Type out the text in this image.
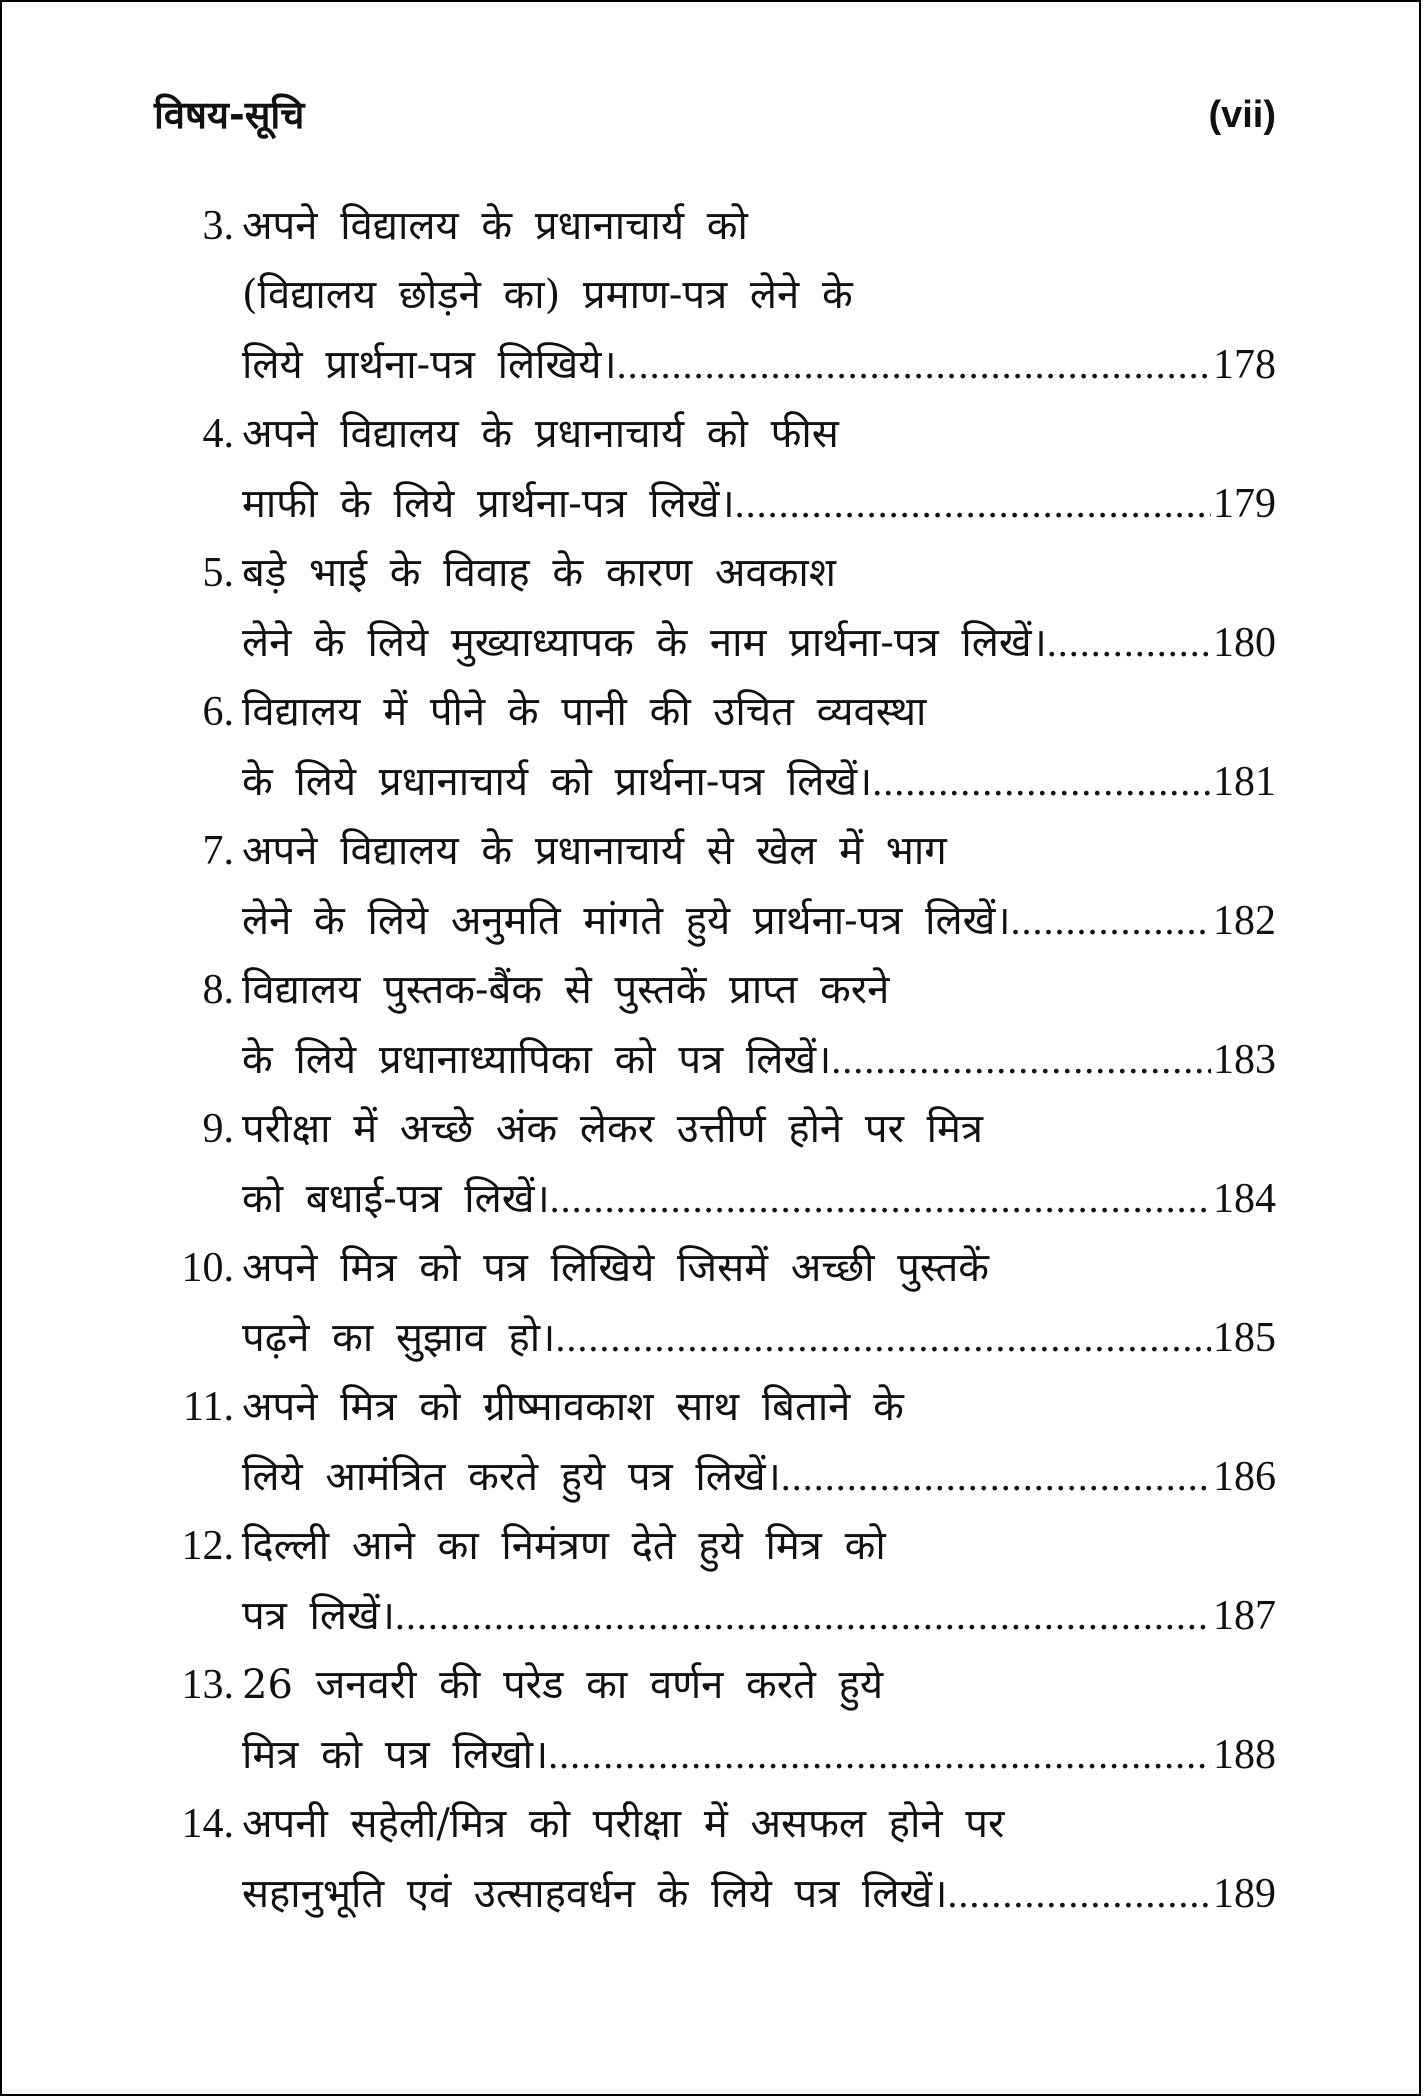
विषय-सूचि	(vii)
3. अपने विद्यालय के प्रधानाचार्य को
(विद्यालय छोड़ने का) प्रमाण-पत्र लेने के
लिये प्रार्थना-पत्र लिखिये। .....	178
4. अपने विद्यालय के प्रधानाचार्य को फीस
माफी के लिये प्रार्थना-पत्र लिखें। .....	179
5. बड़े भाई के विवाह के कारण अवकाश
लेने के लिये मुख्याध्यापक के नाम प्रार्थना-पत्र लिखें। .....	180
6. विद्यालय में पीने के पानी की उचित व्यवस्था
के लिये प्रधानाचार्य को प्रार्थना-पत्र लिखें। .....	181
7. अपने विद्यालय के प्रधानाचार्य से खेल में भाग
लेने के लिये अनुमति मांगते हुये प्रार्थना-पत्र लिखें। .....	182
8. विद्यालय पुस्तक-बैंक से पुस्तकें प्राप्त करने
के लिये प्रधानाध्यापिका को पत्र लिखें। .....	183
9. परीक्षा में अच्छे अंक लेकर उत्तीर्ण होने पर मित्र
को बधाई-पत्र लिखें। .....	184
10. अपने मित्र को पत्र लिखिये जिसमें अच्छी पुस्तकें
पढ़ने का सुझाव हो। .....	185
11. अपने मित्र को ग्रीष्मावकाश साथ बिताने के
लिये आमंत्रित करते हुये पत्र लिखें। .....	186
12. दिल्ली आने का निमंत्रण देते हुये मित्र को
पत्र लिखें। .....	187
13. 26 जनवरी की परेड का वर्णन करते हुये
मित्र को पत्र लिखो। .....	188
14. अपनी सहेली/मित्र को परीक्षा में असफल होने पर
सहानुभूति एवं उत्साहवर्धन के लिये पत्र लिखें। .....	189
